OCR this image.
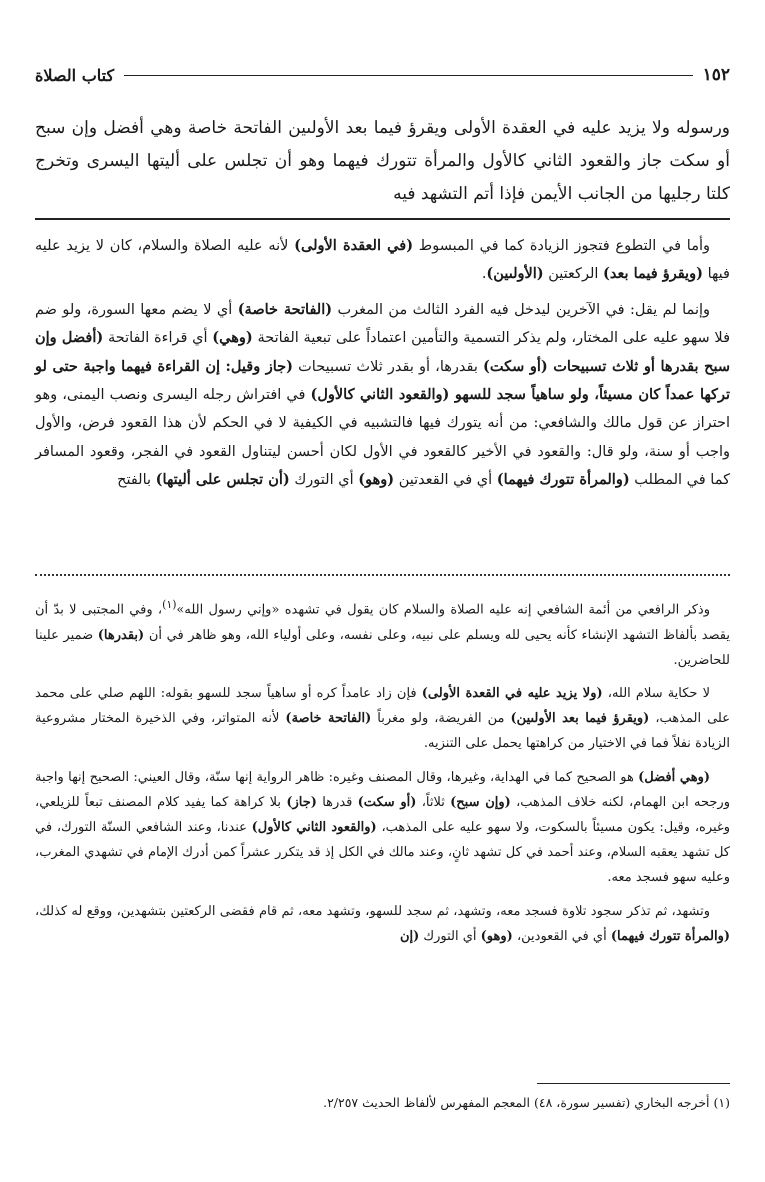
١٥٢
كتاب الصلاة
ورسوله ولا يزيد عليه في العقدة الأولى ويقرؤ فيما بعد الأولىين الفاتحة خاصة وهي أفضل وإن سبح أو سكت جاز والقعود الثاني كالأول والمرأة تتورك فيهما وهو أن تجلس على أليتها اليسرى وتخرج كلتا رجليها من الجانب الأيمن فإذا أتم التشهد فيه

وأما في التطوع فتجوز الزيادة كما في المبسوط (في العقدة الأولى) لأنه عليه الصلاة والسلام، كان لا يزيد عليه فيها (ويقرؤ فيما بعد) الركعتين (الأولىين).

وإنما لم يقل: في الآخرين ليدخل فيه الفرد الثالث من المغرب (الفاتحة خاصة) أي لا يضم معها السورة، ولو ضم فلا سهو عليه على المختار، ولم يذكر التسمية والتأمين اعتماداً على تبعية الفاتحة (وهي) أي قراءة الفاتحة (أفضل وإن سبح بقدرها أو ثلاث تسبيحات (أو سكت) بقدرها، أو بقدر ثلاث تسبيحات (جاز وقيل: إن القراءة فيهما واجبة حتى لو تركها عمداً كان مسيئاً، ولو ساهياً سجد للسهو (والقعود الثاني كالأول) في افتراش رجله اليسرى ونصب اليمنى، وهو احتراز عن قول مالك والشافعي: من أنه يتورك فيها فالتشبيه في الكيفية لا في الحكم لأن هذا القعود فرض، والأول واجب أو سنة، ولو قال: والقعود في الأخير كالقعود في الأول لكان أحسن ليتناول القعود في الفجر، وقعود المسافر كما في المطلب (والمرأة تتورك فيهما) أي في القعدتين (وهو) أي التورك (أن تجلس على أليتها) بالفتح

وذكر الرافعي من أئمة الشافعي إنه عليه الصلاة والسلام كان يقول في تشهده «وإني رسول الله»$^{(١)}$، وفي المجتبى لا بدّ أن يقصد بألفاظ التشهد الإنشاء كأنه يحيى لله ويسلم على نبيه، وعلى نفسه، وعلى أولياء الله، وهو ظاهر في أن (بقدرها) ضمير علينا للحاضرين.

لا حكاية سلام الله، (ولا يزيد عليه في القعدة الأولى) فإن زاد عامداً كره أو ساهياً سجد للسهو بقوله: اللهم صلي على محمد على المذهب، (ويقرؤ فيما بعد الأولىين) من الفريضة، ولو مغرباً (الفاتحة خاصة) لأنه المتواتر، وفي الذخيرة المختار مشروعية الزيادة نفلاً فما في الاختيار من كراهتها يحمل على التنزيه.

(وهي أفضل) هو الصحيح كما في الهداية، وغيرها، وقال المصنف وغيره: ظاهر الرواية إنها سنّة، وقال العيني: الصحيح إنها واجبة ورجحه ابن الهمام، لكنه خلاف المذهب، (وإن سبح) ثلاثاً، (أو سكت) قدرها (جاز) بلا كراهة كما يفيد كلام المصنف تبعاً للزيلعي، وغيره، وقيل: يكون مسيئاً بالسكوت، ولا سهو عليه على المذهب، (والقعود الثاني كالأول) عندنا، وعند الشافعي السنّة التورك، في كل تشهد يعقبه السلام، وعند أحمد في كل تشهد ثانٍ، وعند مالك في الكل إذ قد يتكرر عشراً كمن أدرك الإمام في تشهدي المغرب، وعليه سهو فسجد معه.

وتشهد، ثم تذكر سجود تلاوة فسجد معه، وتشهد، ثم سجد للسهو، وتشهد معه، ثم قام فقضى الركعتين بتشهدين، ووقع له كذلك، (والمرأة تتورك فيهما) أي في القعودين، (وهو) أي التورك (إن

(١) أخرجه البخاري (تفسير سورة، ٤٨) المعجم المفهرس لألفاظ الحديث ٢/٢٥٧.
